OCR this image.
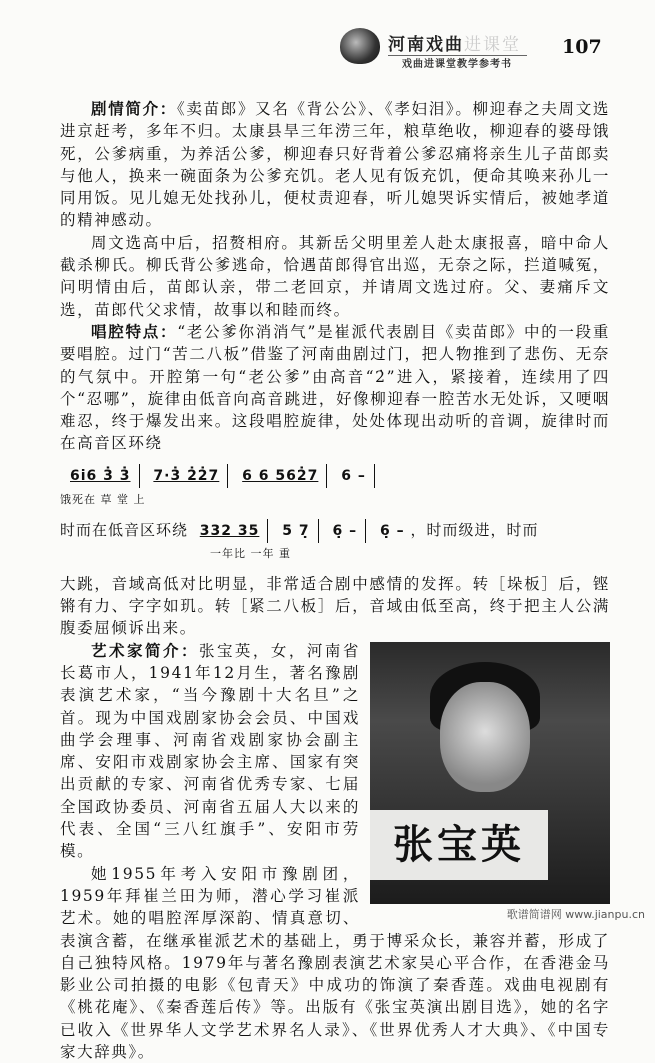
河南戏曲进课堂
戏曲进课堂教学参考书
107

剧情简介：《卖苗郎》又名《背公公》、《孝妇泪》。柳迎春之夫周文选进京赶考，多年不归。太康县旱三年涝三年，粮草绝收，柳迎春的婆母饿死，公爹病重，为养活公爹，柳迎春只好背着公爹忍痛将亲生儿子苗郎卖与他人，换来一碗面条为公爹充饥。老人见有饭充饥，便命其唤来孙儿一同用饭。见儿媳无处找孙儿，便杖责迎春，听儿媳哭诉实情后，被她孝道的精神感动。

周文选高中后，招赘相府。其新岳父明里差人赴太康报喜，暗中命人截杀柳氏。柳氏背公爹逃命，恰遇苗郎得官出巡，无奈之际，拦道喊冤，问明情由后，苗郎认亲，带二老回京，并请周文选过府。父、妻痛斥文选，苗郎代父求情，故事以和睦而终。

唱腔特点：“老公爹你消消气”是崔派代表剧目《卖苗郎》中的一段重要唱腔。过门“苦二八板”借鉴了河南曲剧过门，把人物推到了悲伤、无奈的气氛中。开腔第一句“老公爹”由高音“2̇”进入，紧接着，连续用了四个“忍哪”，旋律由低音向高音跳进，好像柳迎春一腔苦水无处诉，又哽咽难忍，终于爆发出来。这段唱腔旋律，处处体现出动听的音调，旋律时而在高音区环绕

6i6 3̇ 3̇ 7·3̇ 2̇2̇7 6 6 562̇7 6 –
饿死在 草 堂 上
时而在低音区环绕 332 35 5 7̣ 6̣ – 6̣ – ，时而级进，时而
一年比 一年 重

大跳，音域高低对比明显，非常适合剧中感情的发挥。转［垛板］后，铿锵有力、字字如玑。转［紧二八板］后，音域由低至高，终于把主人公满腹委屈倾诉出来。

张宝英

艺术家简介：张宝英，女，河南省长葛市人，1941年12月生，著名豫剧表演艺术家，“当今豫剧十大名旦”之首。现为中国戏剧家协会会员、中国戏曲学会理事、河南省戏剧家协会副主席、安阳市戏剧家协会主席、国家有突出贡献的专家、河南省优秀专家、七届全国政协委员、河南省五届人大以来的代表、全国“三八红旗手”、安阳市劳模。

她1955年考入安阳市豫剧团，1959年拜崔兰田为师，潜心学习崔派艺术。她的唱腔浑厚深韵、情真意切、表演含蓄，在继承崔派艺术的基础上，勇于博采众长，兼容并蓄，形成了自己独特风格。1979年与著名豫剧表演艺术家吴心平合作，在香港金马影业公司拍摄的电影《包青天》中成功的饰演了秦香莲。戏曲电视剧有《桃花庵》、《秦香莲后传》等。出版有《张宝英演出剧目选》，她的名字已收入《世界华人文学艺术界名人录》、《世界优秀人才大典》、《中国专家大辞典》。

歌谱简谱网 www.jianpu.cn
